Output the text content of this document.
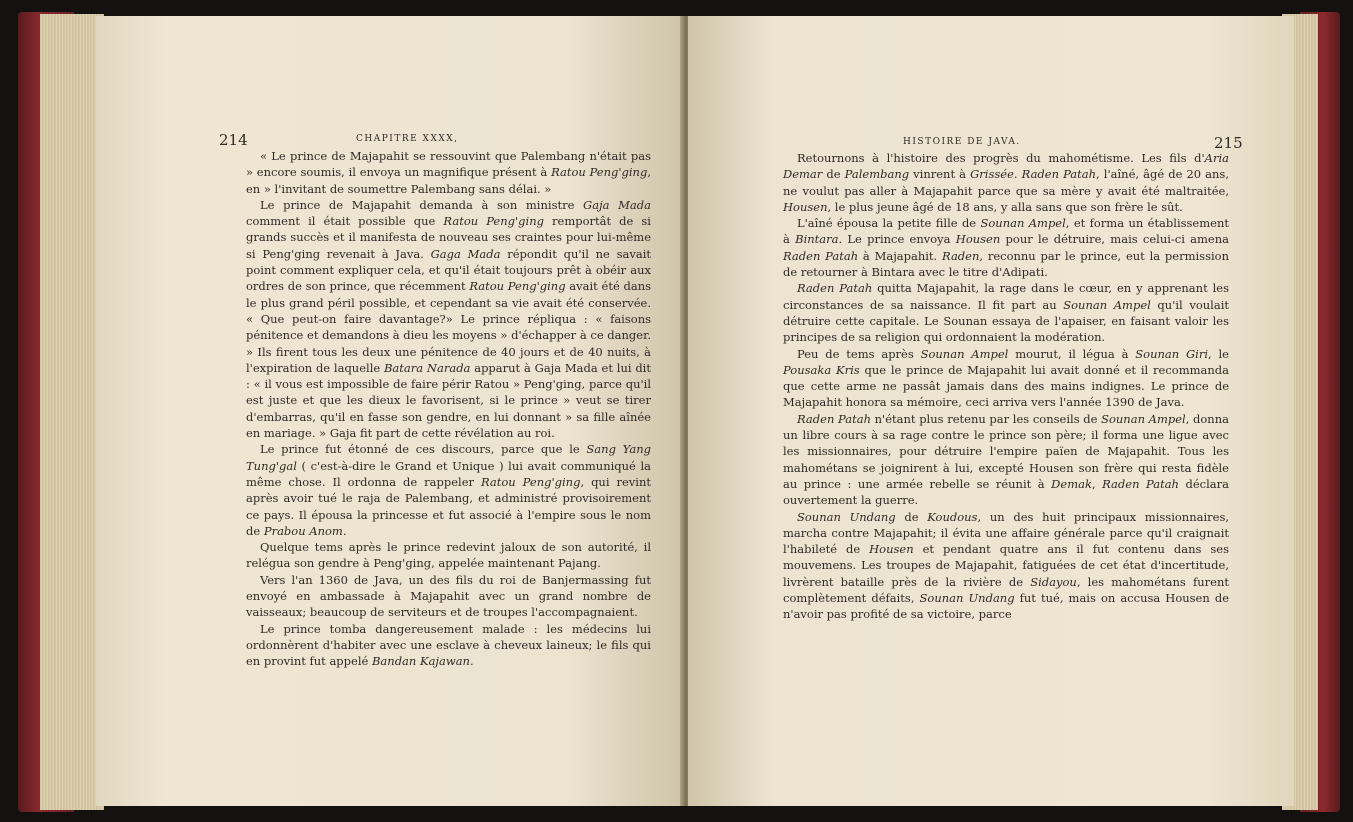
214	CHAPITRE XXXX,

« Le prince de Majapahit se ressouvint que Palembang n'était pas » encore soumis, il envoya un magnifique présent à Ratou Peng'ging, en » l'invitant de soumettre Palembang sans délai. »

Le prince de Majapahit demanda à son ministre Gaja Mada comment il était possible que Ratou Peng'ging remportât de si grands succès et il manifesta de nouveau ses craintes pour lui-même si Peng'ging revenait à Java. Gaga Mada répondit qu'il ne savait point comment expliquer cela, et qu'il était toujours prêt à obéir aux ordres de son prince, que récemment Ratou Peng'ging avait été dans le plus grand péril possible, et cependant sa vie avait été conservée. « Que peut-on faire davantage?» Le prince répliqua : « faisons pénitence et demandons à dieu les moyens » d'échapper à ce danger. » Ils firent tous les deux une pénitence de 40 jours et de 40 nuits, à l'expiration de laquelle Batara Narada apparut à Gaja Mada et lui dit : « il vous est impossible de faire périr Ratou » Peng'ging, parce qu'il est juste et que les dieux le favorisent, si le prince » veut se tirer d'embarras, qu'il en fasse son gendre, en lui donnant » sa fille aînée en mariage. » Gaja fit part de cette révélation au roi.

Le prince fut étonné de ces discours, parce que le Sang Yang Tung'gal ( c'est-à-dire le Grand et Unique ) lui avait communiqué la même chose. Il ordonna de rappeler Ratou Peng'ging, qui revint après avoir tué le raja de Palembang, et administré provisoirement ce pays. Il épousa la princesse et fut associé à l'empire sous le nom de Prabou Anom.

Quelque tems après le prince redevint jaloux de son autorité, il relégua son gendre à Peng'ging, appelée maintenant Pajang.

Vers l'an 1360 de Java, un des fils du roi de Banjermassing fut envoyé en ambassade à Majapahit avec un grand nombre de vaisseaux; beaucoup de serviteurs et de troupes l'accompagnaient.

Le prince tomba dangereusement malade : les médecins lui ordonnèrent d'habiter avec une esclave à cheveux laineux; le fils qui en provint fut appelé Bandan Kajawan.

HISTOIRE DE JAVA.	215

Retournons à l'histoire des progrès du mahométisme. Les fils d'Aria Demar de Palembang vinrent à Grissée. Raden Patah, l'aîné, âgé de 20 ans, ne voulut pas aller à Majapahit parce que sa mère y avait été maltraitée, Housen, le plus jeune âgé de 18 ans, y alla sans que son frère le sût.

L'aîné épousa la petite fille de Sounan Ampel, et forma un établissement à Bintara. Le prince envoya Housen pour le détruire, mais celui-ci amena Raden Patah à Majapahit. Raden, reconnu par le prince, eut la permission de retourner à Bintara avec le titre d'Adipati.

Raden Patah quitta Majapahit, la rage dans le cœur, en y apprenant les circonstances de sa naissance. Il fit part au Sounan Ampel qu'il voulait détruire cette capitale. Le Sounan essaya de l'apaiser, en faisant valoir les principes de sa religion qui ordonnaient la modération.

Peu de tems après Sounan Ampel mourut, il légua à Sounan Giri, le Pousaka Kris que le prince de Majapahit lui avait donné et il recommanda que cette arme ne passât jamais dans des mains indignes. Le prince de Majapahit honora sa mémoire, ceci arriva vers l'année 1390 de Java.

Raden Patah n'étant plus retenu par les conseils de Sounan Ampel, donna un libre cours à sa rage contre le prince son père; il forma une ligue avec les missionnaires, pour détruire l'empire païen de Majapahit. Tous les mahométans se joignirent à lui, excepté Housen son frère qui resta fidèle au prince : une armée rebelle se réunit à Demak, Raden Patah déclara ouvertement la guerre.

Sounan Undang de Koudous, un des huit principaux missionnaires, marcha contre Majapahit; il évita une affaire générale parce qu'il craignait l'habileté de Housen et pendant quatre ans il fut contenu dans ses mouvemens. Les troupes de Majapahit, fatiguées de cet état d'incertitude, livrèrent bataille près de la rivière de Sidayou, les mahométans furent complètement défaits, Sounan Undang fut tué, mais on accusa Housen de n'avoir pas profité de sa victoire, parce
